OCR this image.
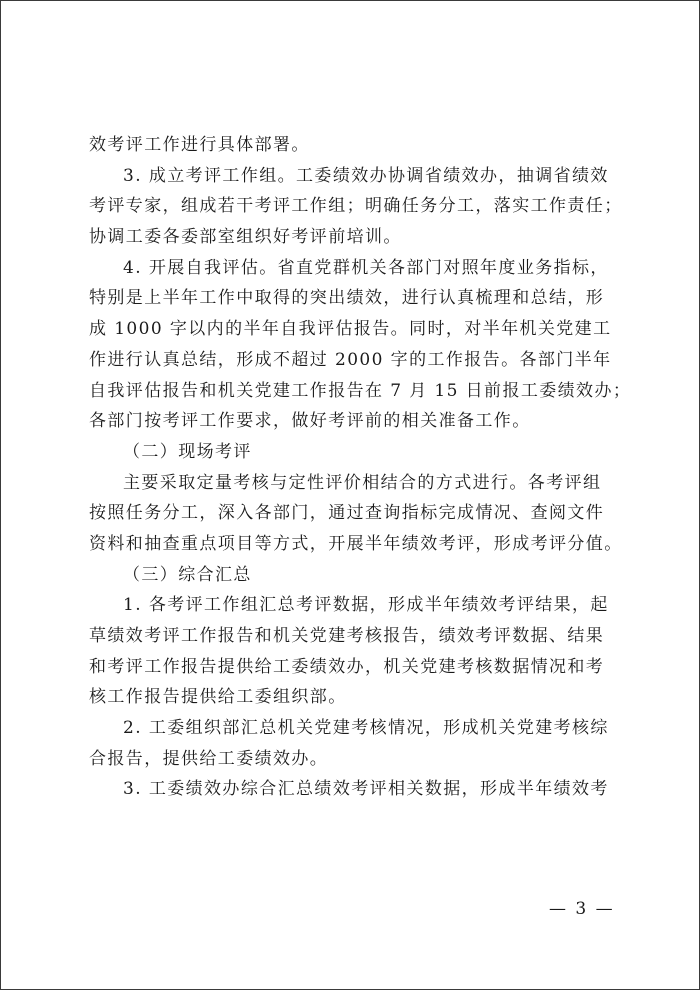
效考评工作进行具体部署。
3. 成立考评工作组。工委绩效办协调省绩效办，抽调省绩效
考评专家，组成若干考评工作组；明确任务分工，落实工作责任；
协调工委各委部室组织好考评前培训。
4. 开展自我评估。省直党群机关各部门对照年度业务指标，
特别是上半年工作中取得的突出绩效，进行认真梳理和总结，形
成 1000 字以内的半年自我评估报告。同时，对半年机关党建工
作进行认真总结，形成不超过 2000 字的工作报告。各部门半年
自我评估报告和机关党建工作报告在 7 月 15 日前报工委绩效办；
各部门按考评工作要求，做好考评前的相关准备工作。
（二）现场考评
主要采取定量考核与定性评价相结合的方式进行。各考评组
按照任务分工，深入各部门，通过查询指标完成情况、查阅文件
资料和抽查重点项目等方式，开展半年绩效考评，形成考评分值。
（三）综合汇总
1. 各考评工作组汇总考评数据，形成半年绩效考评结果，起
草绩效考评工作报告和机关党建考核报告，绩效考评数据、结果
和考评工作报告提供给工委绩效办，机关党建考核数据情况和考
核工作报告提供给工委组织部。
2. 工委组织部汇总机关党建考核情况，形成机关党建考核综
合报告，提供给工委绩效办。
3. 工委绩效办综合汇总绩效考评相关数据，形成半年绩效考
— 3 —
